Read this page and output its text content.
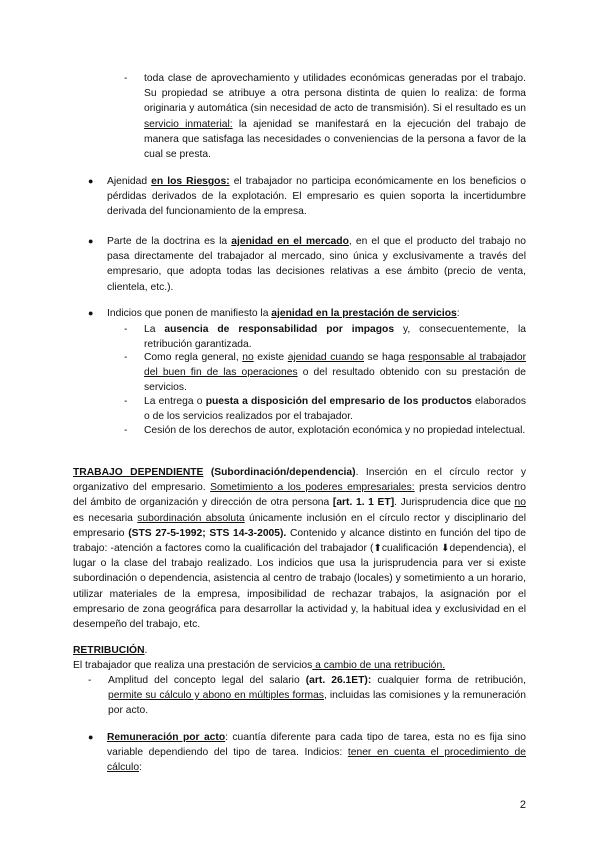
-	toda clase de aprovechamiento y utilidades económicas generadas por el trabajo. Su propiedad se atribuye a otra persona distinta de quien lo realiza: de forma originaria y automática (sin necesidad de acto de transmisión). Si el resultado es un servicio inmaterial: la ajenidad se manifestará en la ejecución del trabajo de manera que satisfaga las necesidades o conveniencias de la persona a favor de la cual se presta.

●	Ajenidad en los Riesgos: el trabajador no participa económicamente en los beneficios o pérdidas derivados de la explotación. El empresario es quien soporta la incertidumbre derivada del funcionamiento de la empresa.

●	Parte de la doctrina es la ajenidad en el mercado, en el que el producto del trabajo no pasa directamente del trabajador al mercado, sino única y exclusivamente a través del empresario, que adopta todas las decisiones relativas a ese ámbito (precio de venta, clientela, etc.).

●	Indicios que ponen de manifiesto la ajenidad en la prestación de servicios:

-	La ausencia de responsabilidad por impagos y, consecuentemente, la retribución garantizada.

-	Como regla general, no existe ajenidad cuando se haga responsable al trabajador del buen fin de las operaciones o del resultado obtenido con su prestación de servicios.

-	La entrega o puesta a disposición del empresario de los productos elaborados o de los servicios realizados por el trabajador.

-	Cesión de los derechos de autor, explotación económica y no propiedad intelectual.

TRABAJO DEPENDIENTE (Subordinación/dependencia). Inserción en el círculo rector y organizativo del empresario. Sometimiento a los poderes empresariales: presta servicios dentro del ámbito de organización y dirección de otra persona [art. 1. 1 ET]. Jurisprudencia dice que no es necesaria subordinación absoluta únicamente inclusión en el círculo rector y disciplinario del empresario (STS 27-5-1992; STS 14-3-2005). Contenido y alcance distinto en función del tipo de trabajo: -atención a factores como la cualificación del trabajador (⬆cualificación ⬇dependencia), el lugar o la clase del trabajo realizado. Los indicios que usa la jurisprudencia para ver si existe subordinación o dependencia, asistencia al centro de trabajo (locales) y sometimiento a un horario, utilizar materiales de la empresa, imposibilidad de rechazar trabajos, la asignación por el empresario de zona geográfica para desarrollar la actividad y, la habitual idea y exclusividad en el desempeño del trabajo, etc.

RETRIBUCIÓN.

El trabajador que realiza una prestación de servicios a cambio de una retribución.

-	Amplitud del concepto legal del salario (art. 26.1ET): cualquier forma de retribución, permite su cálculo y abono en múltiples formas, incluidas las comisiones y la remuneración por acto.

●	Remuneración por acto: cuantía diferente para cada tipo de tarea, esta no es fija sino variable dependiendo del tipo de tarea. Indicios: tener en cuenta el procedimiento de cálculo:

2
